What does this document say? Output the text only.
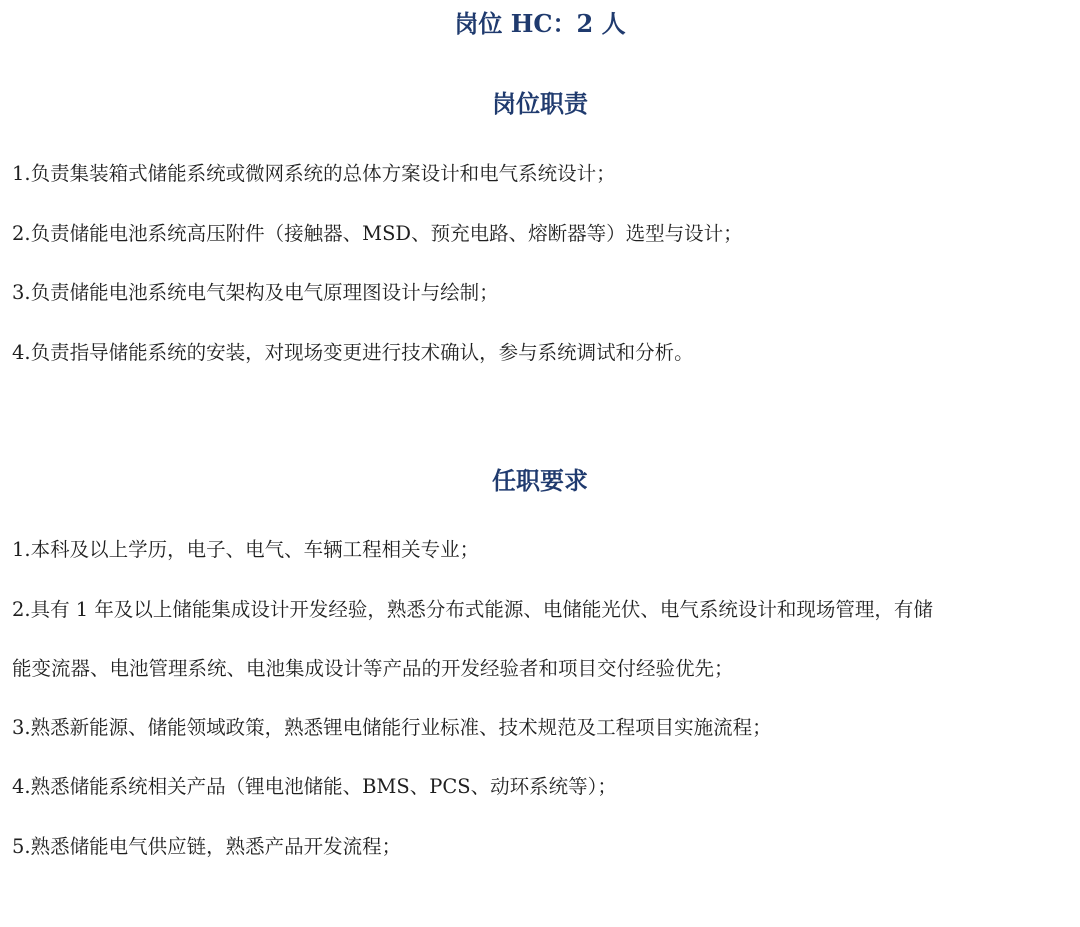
岗位 HC：2 人
岗位职责

1.负责集装箱式储能系统或微网系统的总体方案设计和电气系统设计；

2.负责储能电池系统高压附件（接触器、MSD、预充电路、熔断器等）选型与设计；

3.负责储能电池系统电气架构及电气原理图设计与绘制；

4.负责指导储能系统的安装，对现场变更进行技术确认，参与系统调试和分析。

任职要求

1.本科及以上学历，电子、电气、车辆工程相关专业；

2.具有 1 年及以上储能集成设计开发经验，熟悉分布式能源、电储能光伏、电气系统设计和现场管理，有储

能变流器、电池管理系统、电池集成设计等产品的开发经验者和项目交付经验优先；

3.熟悉新能源、储能领域政策，熟悉锂电储能行业标准、技术规范及工程项目实施流程；

4.熟悉储能系统相关产品（锂电池储能、BMS、PCS、动环系统等）；

5.熟悉储能电气供应链，熟悉产品开发流程；
